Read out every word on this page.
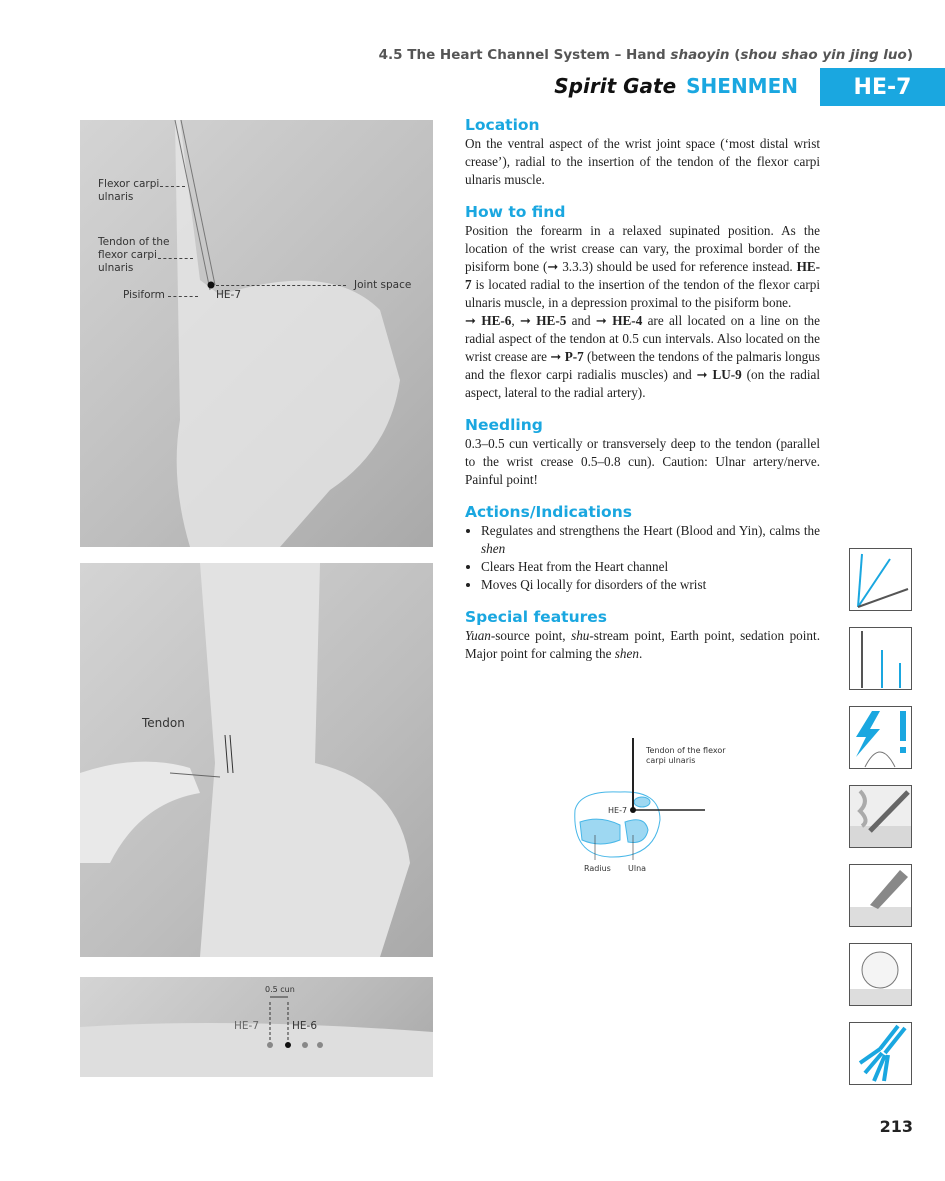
4.5 The Heart Channel System – Hand shaoyin (shou shao yin jing luo)
Spirit Gate SHENMEN	HE-7
Flexor carpi ulnaris
Tendon of the flexor carpi ulnaris
Pisiform	HE-7
Joint space
Tendon
0.5 cun
HE-7	HE-6
Tendon of the flexor carpi ulnaris
HE-7
Radius Ulna
Location

On the ventral aspect of the wrist joint space (‘most distal wrist crease’), radial to the insertion of the tendon of the flexor carpi ulnaris muscle.

How to find

Position the forearm in a relaxed supinated position. As the location of the wrist crease can vary, the proximal border of the pisiform bone (➞ 3.3.3) should be used for reference instead. HE-7 is located radial to the insertion of the tendon of the flexor carpi ulnaris muscle, in a depression proximal to the pisiform bone.

➞ HE-6, ➞ HE-5 and ➞ HE-4 are all located on a line on the radial aspect of the tendon at 0.5 cun intervals. Also located on the wrist crease are ➞ P-7 (between the tendons of the palmaris longus and the flexor carpi radialis muscles) and ➞ LU-9 (on the radial aspect, lateral to the radial artery).

Needling

0.3–0.5 cun vertically or transversely deep to the tendon (parallel to the wrist crease 0.5–0.8 cun). Caution: Ulnar artery/nerve. Painful point!

Actions/Indications
• Regulates and strengthens the Heart (Blood and Yin), calms the shen
• Clears Heat from the Heart channel
• Moves Qi locally for disorders of the wrist
Special features

Yuan-source point, shu-stream point, Earth point, sedation point. Major point for calming the shen.

213
